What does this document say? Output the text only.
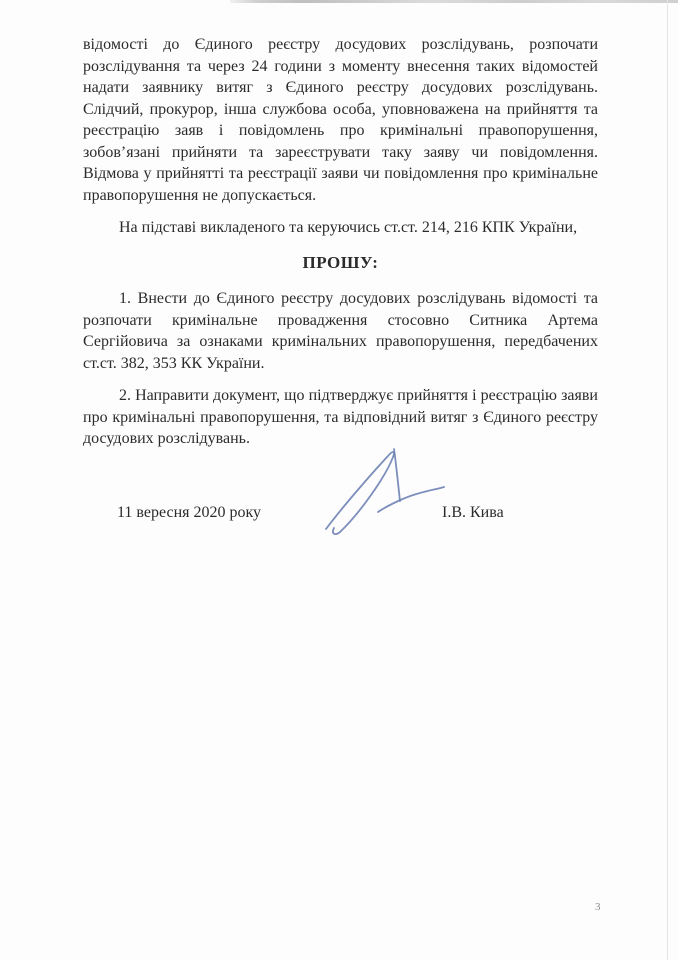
відомості до Єдиного реєстру досудових розслідувань, розпочати розслідування та через 24 години з моменту внесення таких відомостей надати заявнику витяг з Єдиного реєстру досудових розслідувань. Слідчий, прокурор, інша службова особа, уповноважена на прийняття та реєстрацію заяв і повідомлень про кримінальні правопорушення, зобов’язані прийняти та зареєструвати таку заяву чи повідомлення. Відмова у прийнятті та реєстрації заяви чи повідомлення про кримінальне правопорушення не допускається.

На підставі викладеного та керуючись ст.ст. 214, 216 КПК України,

ПРОШУ:

1. Внести до Єдиного реєстру досудових розслідувань відомості та розпочати кримінальне провадження стосовно Ситника Артема Сергійовича за ознаками кримінальних правопорушення, передбачених ст.ст. 382, 353 КК України.

2. Направити документ, що підтверджує прийняття і реєстрацію заяви про кримінальні правопорушення, та відповідний витяг з Єдиного реєстру досудових розслідувань.

11 вересня 2020 року	І.В. Кива
3
